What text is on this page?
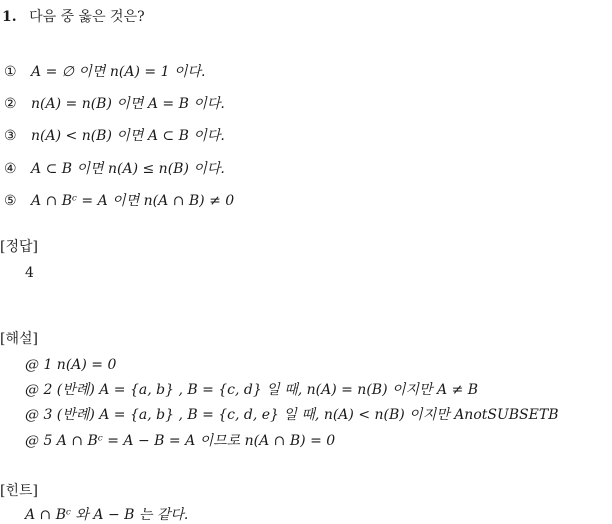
1. 다음 중 옳은 것은?
① A = ∅ 이면 n(A) = 1 이다.
② n(A) = n(B) 이면 A = B 이다.
③ n(A) < n(B) 이면 A ⊂ B 이다.
④ A ⊂ B 이면 n(A) ≤ n(B) 이다.
⑤ A ∩ Bᶜ = A 이면 n(A ∩ B) ≠ 0
[정답]
4
[해설]
@ 1 n(A) = 0
@ 2 (반례) A = {a, b} , B = {c, d} 일 때, n(A) = n(B) 이지만 A ≠ B
@ 3 (반례) A = {a, b} , B = {c, d, e} 일 때, n(A) < n(B) 이지만 AnotSUBSETB
@ 5 A ∩ Bᶜ = A − B = A 이므로 n(A ∩ B) = 0
[힌트]
A ∩ Bᶜ 와 A − B 는 같다.
